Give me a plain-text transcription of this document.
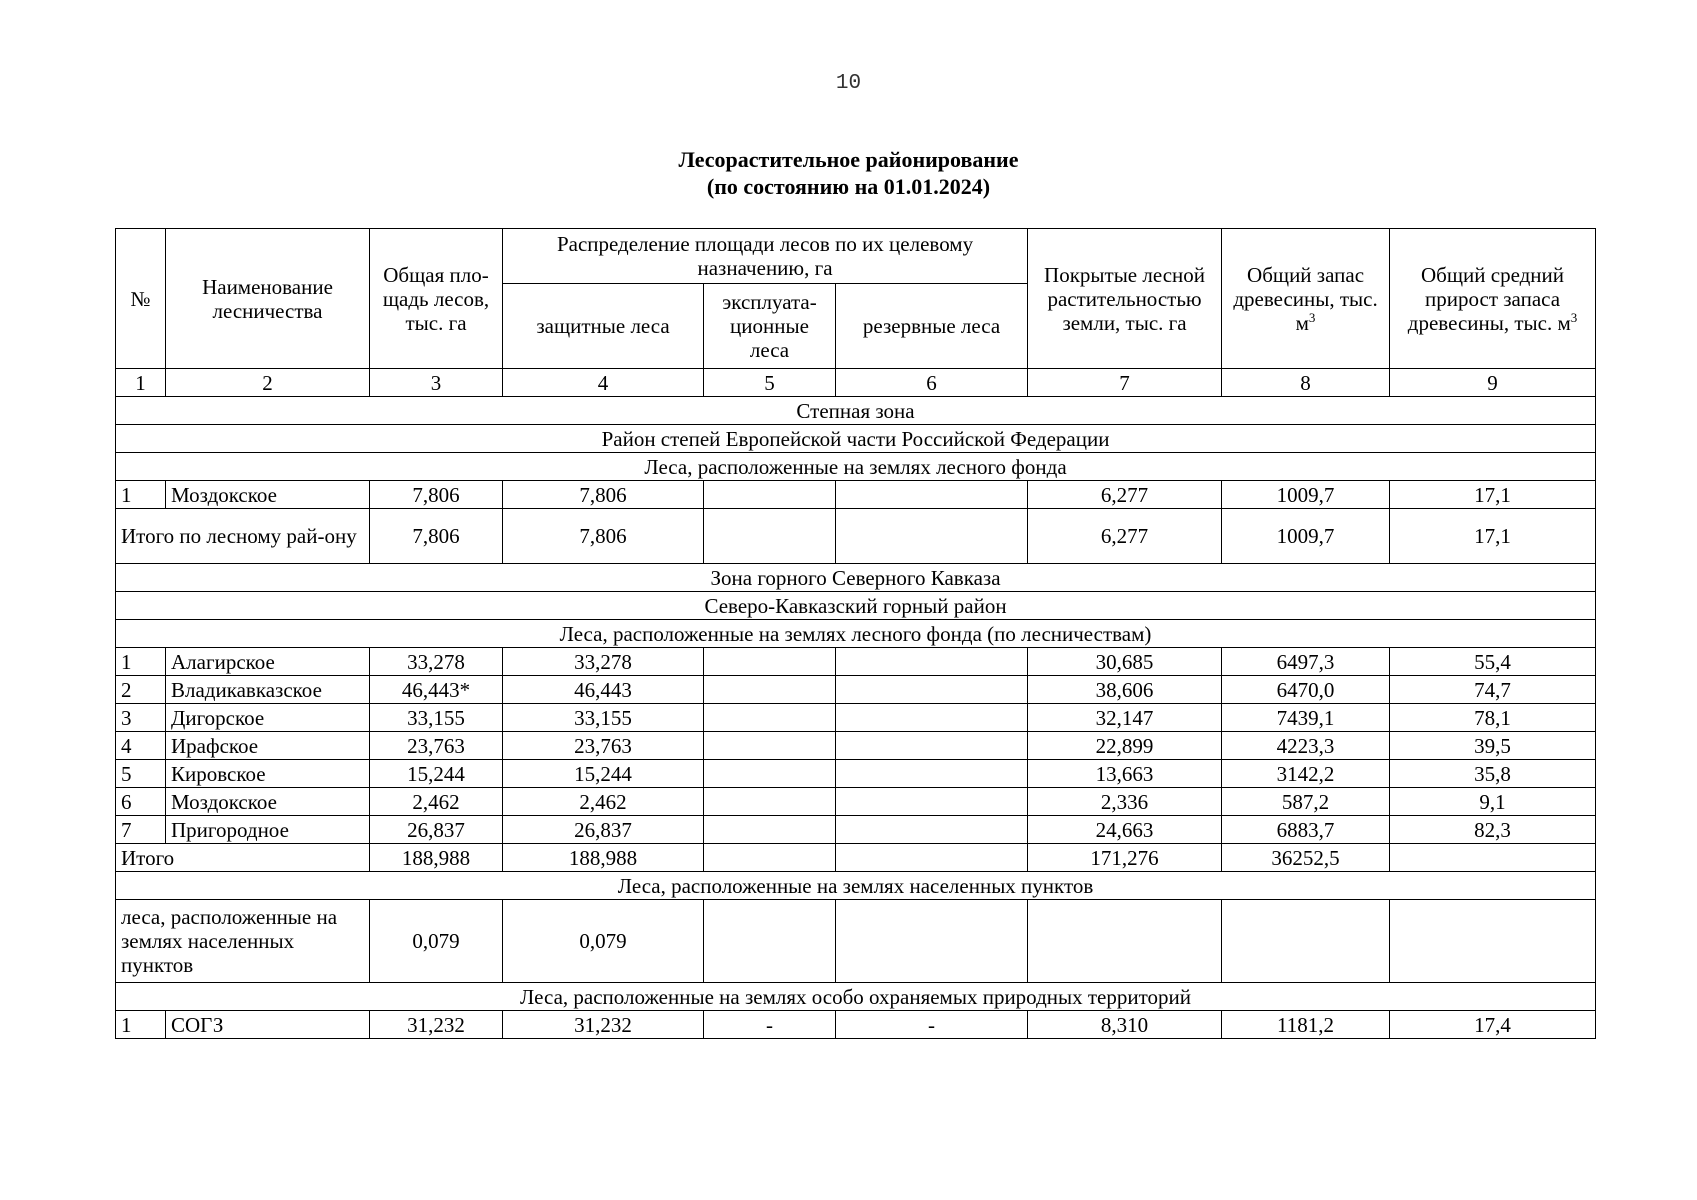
10
Лесорастительное районирование
(по состоянию на 01.01.2024)
№	Наименование лесничества	Общая пло-щадь лесов, тыс. га	Распределение площади лесов по их целевому назначению, га			Покрытые лесной растительностью земли, тыс. га	Общий запас древесины, тыс. $м^3$	Общий средний прирост запаса древесины, тыс. $м^3$
			защитные леса	эксплуата-ционные леса	резервные леса			
1	2	3	4	5	6	7	8	9
Степная зона								
Район степей Европейской части Российской Федерации								
Леса, расположенные на землях лесного фонда								
1	Моздокское	7,806	7,806			6,277	1009,7	17,1
Итого по лесному рай-ону		7,806	7,806			6,277	1009,7	17,1
Зона горного Северного Кавказа								
Северо-Кавказский горный район								
Леса, расположенные на землях лесного фонда (по лесничествам)								
1	Алагирское	33,278	33,278			30,685	6497,3	55,4
2	Владикавказское	46,443*	46,443			38,606	6470,0	74,7
3	Дигорское	33,155	33,155			32,147	7439,1	78,1
4	Ирафское	23,763	23,763			22,899	4223,3	39,5
5	Кировское	15,244	15,244			13,663	3142,2	35,8
6	Моздокское	2,462	2,462			2,336	587,2	9,1
7	Пригородное	26,837	26,837			24,663	6883,7	82,3
Итого		188,988	188,988			171,276	36252,5	
Леса, расположенные на землях населенных пунктов								
леса, расположенные на землях населенных пунктов		0,079	0,079					
Леса, расположенные на землях особо охраняемых природных территорий								
1	СОГЗ	31,232	31,232	-	-	8,310	1181,2	17,4
